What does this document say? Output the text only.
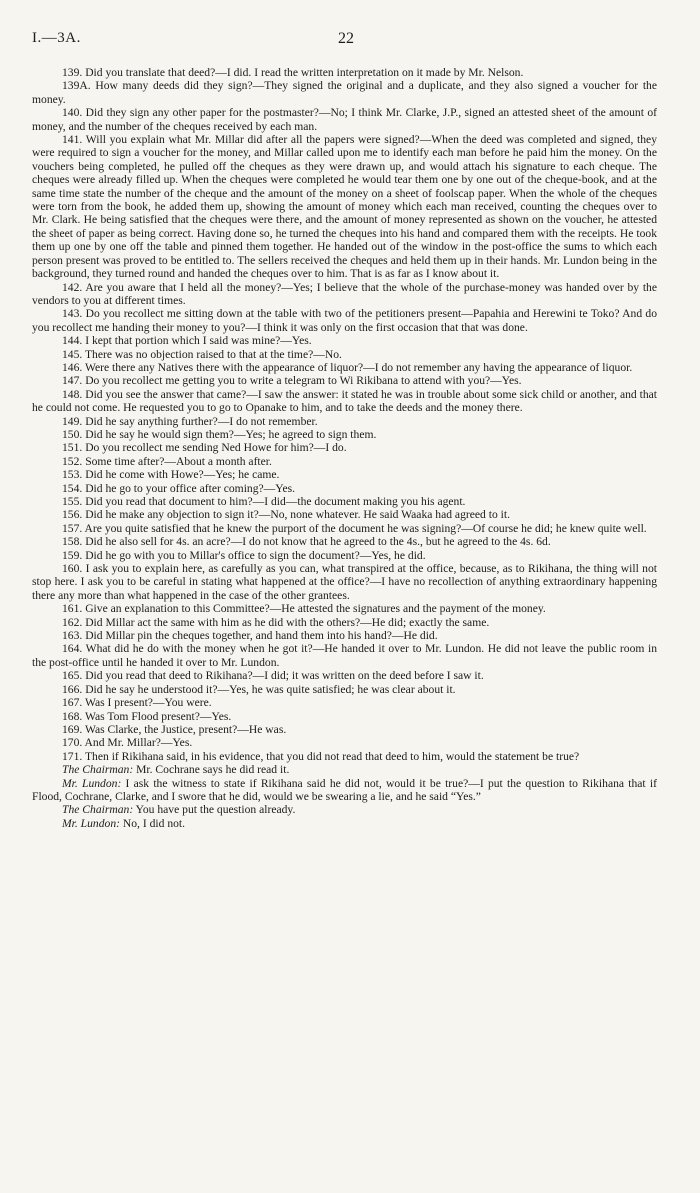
I.—3A.	22

139. Did you translate that deed?—I did. I read the written interpretation on it made by Mr. Nelson.

139A. How many deeds did they sign?—They signed the original and a duplicate, and they also signed a voucher for the money.

140. Did they sign any other paper for the postmaster?—No; I think Mr. Clarke, J.P., signed an attested sheet of the amount of money, and the number of the cheques received by each man.

141. Will you explain what Mr. Millar did after all the papers were signed?—When the deed was completed and signed, they were required to sign a voucher for the money, and Millar called upon me to identify each man before he paid him the money. On the vouchers being completed, he pulled off the cheques as they were drawn up, and would attach his signature to each cheque. The cheques were already filled up. When the cheques were completed he would tear them one by one out of the cheque-book, and at the same time state the number of the cheque and the amount of the money on a sheet of foolscap paper. When the whole of the cheques were torn from the book, he added them up, showing the amount of money which each man received, counting the cheques over to Mr. Clark. He being satisfied that the cheques were there, and the amount of money represented as shown on the voucher, he attested the sheet of paper as being correct. Having done so, he turned the cheques into his hand and compared them with the receipts. He took them up one by one off the table and pinned them together. He handed out of the window in the post-office the sums to which each person present was proved to be entitled to. The sellers received the cheques and held them up in their hands. Mr. Lundon being in the background, they turned round and handed the cheques over to him. That is as far as I know about it.

142. Are you aware that I held all the money?—Yes; I believe that the whole of the purchase-money was handed over by the vendors to you at different times.

143. Do you recollect me sitting down at the table with two of the petitioners present—Papahia and Herewini te Toko? And do you recollect me handing their money to you?—I think it was only on the first occasion that that was done.

144. I kept that portion which I said was mine?—Yes.

145. There was no objection raised to that at the time?—No.

146. Were there any Natives there with the appearance of liquor?—I do not remember any having the appearance of liquor.

147. Do you recollect me getting you to write a telegram to Wi Rikibana to attend with you?—Yes.

148. Did you see the answer that came?—I saw the answer: it stated he was in trouble about some sick child or another, and that he could not come. He requested you to go to Opanake to him, and to take the deeds and the money there.

149. Did he say anything further?—I do not remember.

150. Did he say he would sign them?—Yes; he agreed to sign them.

151. Do you recollect me sending Ned Howe for him?—I do.

152. Some time after?—About a month after.

153. Did he come with Howe?—Yes; he came.

154. Did he go to your office after coming?—Yes.

155. Did you read that document to him?—I did—the document making you his agent.

156. Did he make any objection to sign it?—No, none whatever. He said Waaka had agreed to it.

157. Are you quite satisfied that he knew the purport of the document he was signing?—Of course he did; he knew quite well.

158. Did he also sell for 4s. an acre?—I do not know that he agreed to the 4s., but he agreed to the 4s. 6d.

159. Did he go with you to Millar's office to sign the document?—Yes, he did.

160. I ask you to explain here, as carefully as you can, what transpired at the office, because, as to Rikihana, the thing will not stop here. I ask you to be careful in stating what happened at the office?—I have no recollection of anything extraordinary happening there any more than what happened in the case of the other grantees.

161. Give an explanation to this Committee?—He attested the signatures and the payment of the money.

162. Did Millar act the same with him as he did with the others?—He did; exactly the same.

163. Did Millar pin the cheques together, and hand them into his hand?—He did.

164. What did he do with the money when he got it?—He handed it over to Mr. Lundon. He did not leave the public room in the post-office until he handed it over to Mr. Lundon.

165. Did you read that deed to Rikihana?—I did; it was written on the deed before I saw it.

166. Did he say he understood it?—Yes, he was quite satisfied; he was clear about it.

167. Was I present?—You were.

168. Was Tom Flood present?—Yes.

169. Was Clarke, the Justice, present?—He was.

170. And Mr. Millar?—Yes.

171. Then if Rikihana said, in his evidence, that you did not read that deed to him, would the statement be true?

The Chairman: Mr. Cochrane says he did read it.

Mr. Lundon: I ask the witness to state if Rikihana said he did not, would it be true?—I put the question to Rikihana that if Flood, Cochrane, Clarke, and I swore that he did, would we be swearing a lie, and he said “Yes.”

The Chairman: You have put the question already.

Mr. Lundon: No, I did not.
